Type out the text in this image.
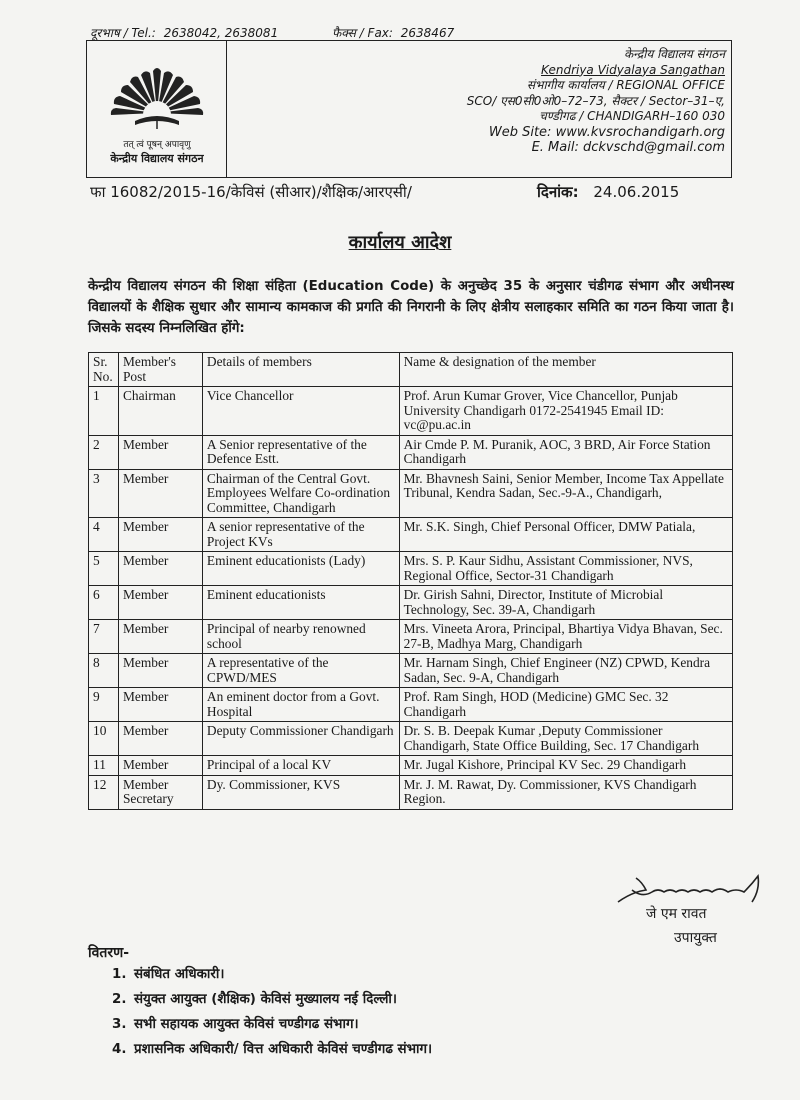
दूरभाष / Tel.: 2638042, 2638081	फैक्स / Fax: 2638467
तत् त्वं पूषन् अपावृणु
केन्द्रीय विद्यालय संगठन
केन्द्रीय विद्यालय संगठन
Kendriya Vidyalaya Sangathan
संभागीय कार्यालय / REGIONAL OFFICE
SCO/ एस0सी0ओ0–72–73, सैक्टर / Sector–31–ए,
चण्डीगढ / CHANDIGARH–160 030
Web Site: www.kvsrochandigarh.org
E. Mail: dckvschd@gmail.com
फा 16082/2015-16/केविसं (सीआर)/शैक्षिक/आरएसी/	दिनांक: 24.06.2015
कार्यालय आदेश
केन्द्रीय विद्यालय संगठन की शिक्षा संहिता (Education Code) के अनुच्छेद 35 के अनुसार चंडीगढ संभाग और अधीनस्थ विद्यालयों के शैक्षिक सुधार और सामान्य कामकाज की प्रगति की निगरानी के लिए क्षेत्रीय सलाहकार समिति का गठन किया जाता है। जिसके सदस्य निम्नलिखित होंगे:
Sr. No.	Member's Post	Details of members	Name & designation of the member
1	Chairman	Vice Chancellor	Prof. Arun Kumar Grover, Vice Chancellor, Punjab University Chandigarh 0172-2541945 Email ID: vc@pu.ac.in
2	Member	A Senior representative of the Defence Estt.	Air Cmde P. M. Puranik, AOC, 3 BRD, Air Force Station Chandigarh
3	Member	Chairman of the Central Govt. Employees Welfare Co-ordination Committee, Chandigarh	Mr. Bhavnesh Saini, Senior Member, Income Tax Appellate Tribunal, Kendra Sadan, Sec.-9-A., Chandigarh,
4	Member	A senior representative of the Project KVs	Mr. S.K. Singh, Chief Personal Officer, DMW Patiala,
5	Member	Eminent educationists (Lady)	Mrs. S. P. Kaur Sidhu, Assistant Commissioner, NVS, Regional Office, Sector-31 Chandigarh
6	Member	Eminent educationists	Dr. Girish Sahni, Director, Institute of Microbial Technology, Sec. 39-A, Chandigarh
7	Member	Principal of nearby renowned school	Mrs. Vineeta Arora, Principal, Bhartiya Vidya Bhavan, Sec. 27-B, Madhya Marg, Chandigarh
8	Member	A representative of the CPWD/MES	Mr. Harnam Singh, Chief Engineer (NZ) CPWD, Kendra Sadan, Sec. 9-A, Chandigarh
9	Member	An eminent doctor from a Govt. Hospital	Prof. Ram Singh, HOD (Medicine) GMC Sec. 32 Chandigarh
10	Member	Deputy Commissioner Chandigarh	Dr. S. B. Deepak Kumar ,Deputy Commissioner Chandigarh, State Office Building, Sec. 17 Chandigarh
11	Member	Principal of a local KV	Mr. Jugal Kishore, Principal KV Sec. 29 Chandigarh
12	Member Secretary	Dy. Commissioner, KVS	Mr. J. M. Rawat, Dy. Commissioner, KVS Chandigarh Region.
जे एम रावत
उपायुक्त
वितरण-
1. संबंधित अधिकारी।
2. संयुक्त आयुक्त (शैक्षिक) केविसं मुख्यालय नई दिल्ली।
3. सभी सहायक आयुक्त केविसं चण्डीगढ संभाग।
4. प्रशासनिक अधिकारी/ वित्त अधिकारी केविसं चण्डीगढ संभाग।
